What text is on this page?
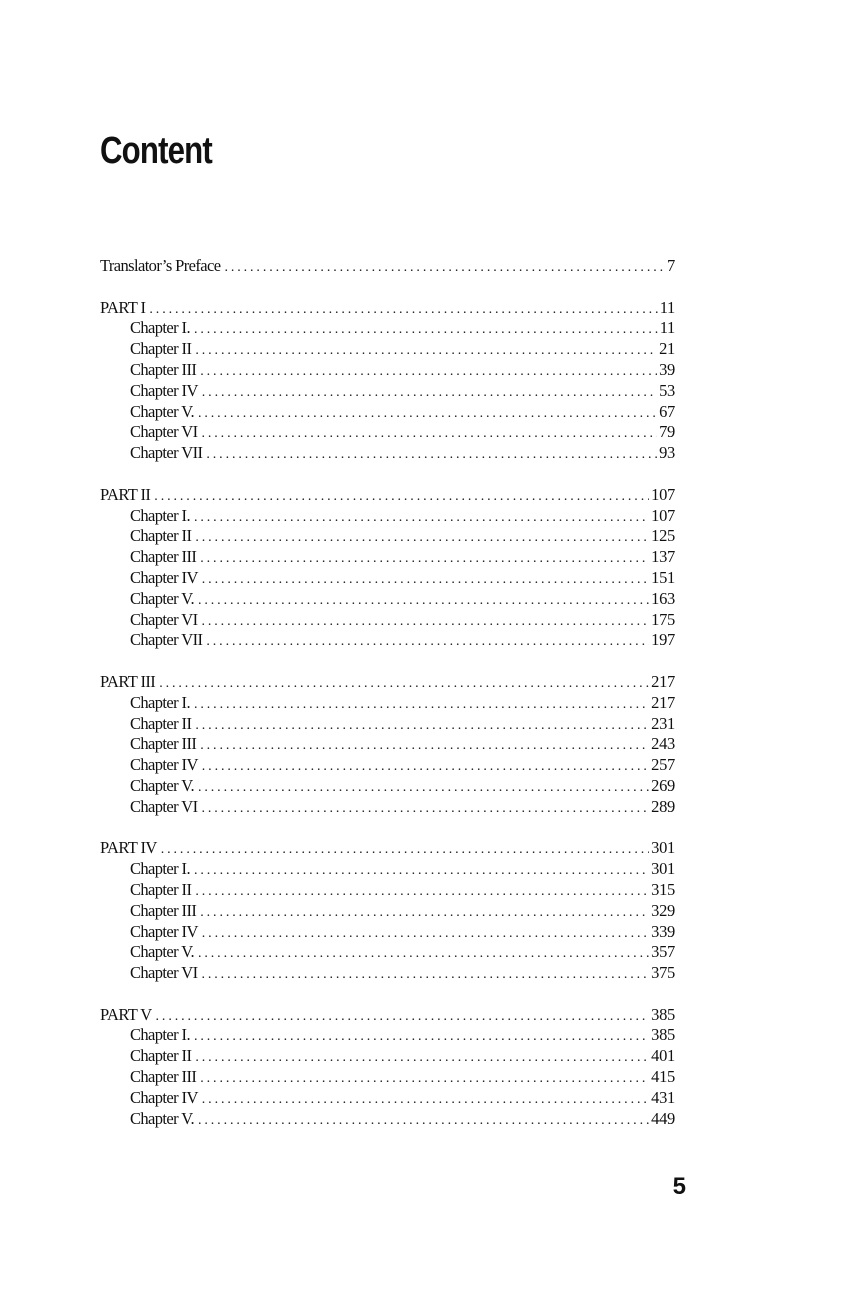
Content
Translator’s Preface .....	7
PART I .....	11
Chapter I. .....	11
Chapter II .....	21
Chapter III .....	39
Chapter IV .....	53
Chapter V. .....	67
Chapter VI .....	79
Chapter VII .....	93
PART II .....	107
Chapter I. .....	107
Chapter II .....	125
Chapter III .....	137
Chapter IV .....	151
Chapter V. .....	163
Chapter VI .....	175
Chapter VII .....	197
PART III .....	217
Chapter I. .....	217
Chapter II .....	231
Chapter III .....	243
Chapter IV .....	257
Chapter V. .....	269
Chapter VI .....	289
PART IV .....	301
Chapter I. .....	301
Chapter II .....	315
Chapter III .....	329
Chapter IV .....	339
Chapter V. .....	357
Chapter VI .....	375
PART V .....	385
Chapter I. .....	385
Chapter II .....	401
Chapter III .....	415
Chapter IV .....	431
Chapter V. .....	449
5
